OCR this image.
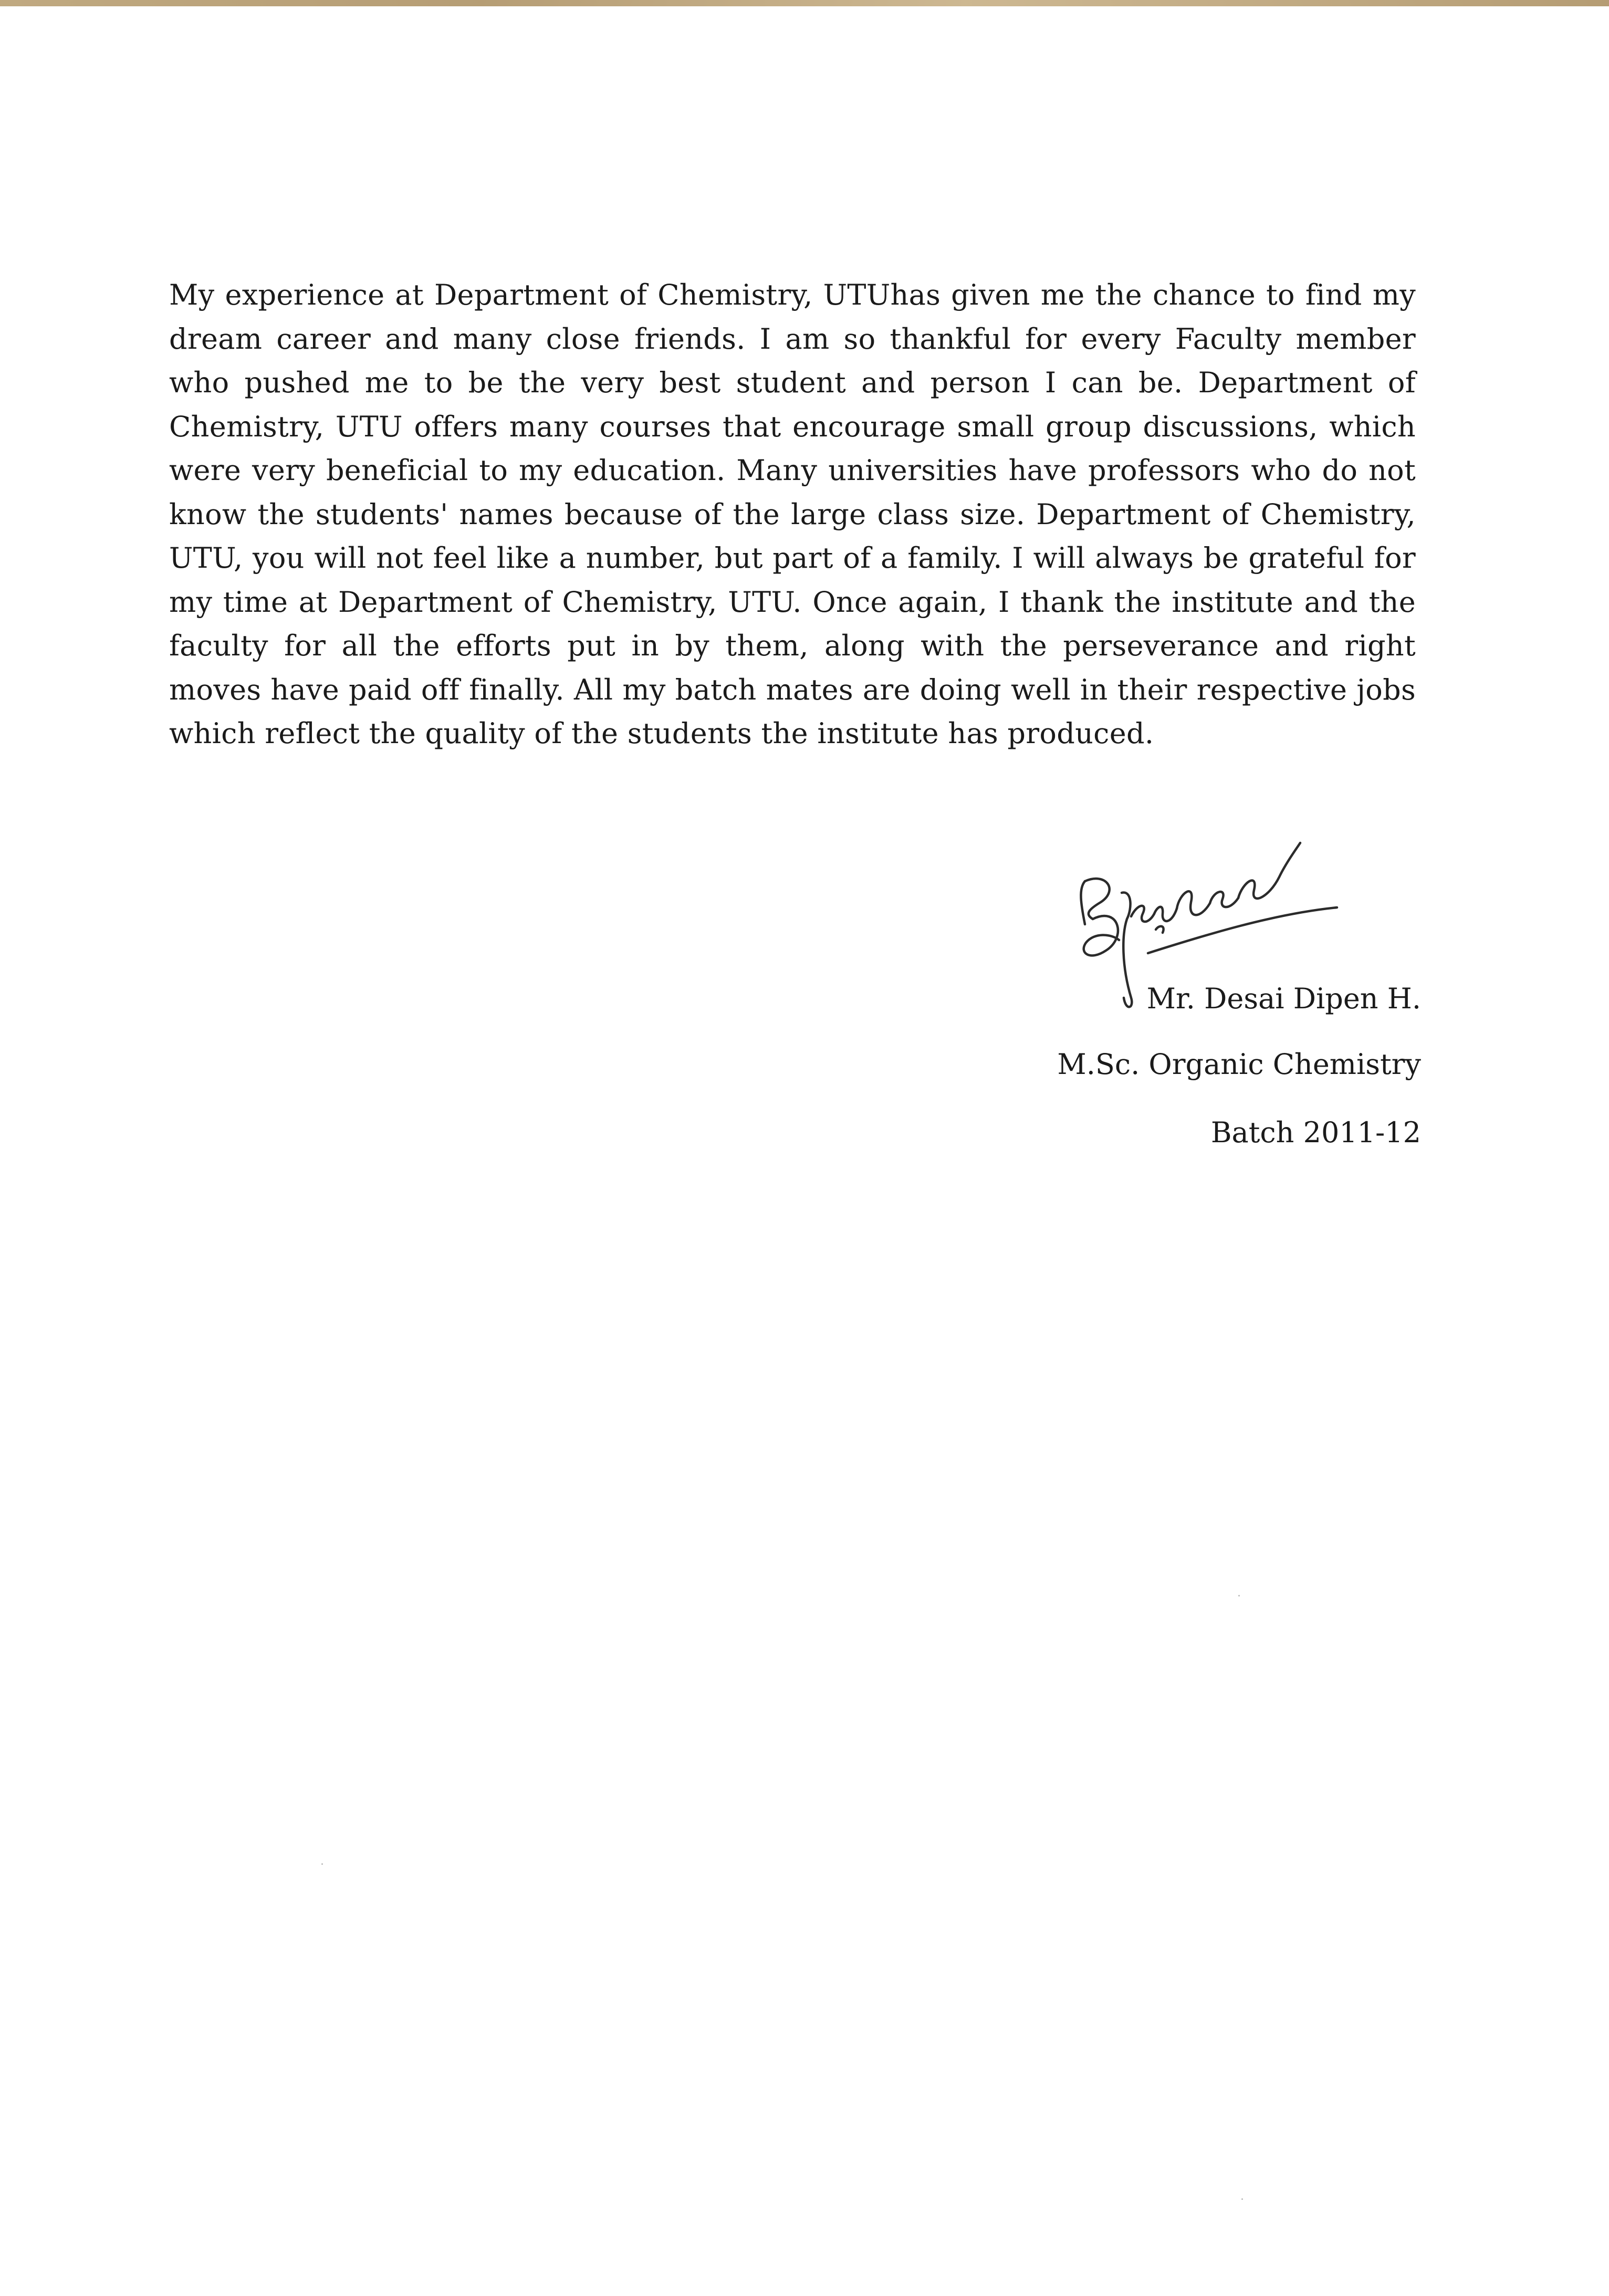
My experience at Department of Chemistry, UTUhas given me the chance to find my dream career and many close friends. I am so thankful for every Faculty member who pushed me to be the very best student and person I can be. Department of Chemistry, UTU offers many courses that encourage small group discussions, which were very beneficial to my education. Many universities have professors who do not know the students' names because of the large class size. Department of Chemistry, UTU, you will not feel like a number, but part of a family. I will always be grateful for my time at Department of Chemistry, UTU. Once again, I thank the institute and the faculty for all the efforts put in by them, along with the perseverance and right moves have paid off finally. All my batch mates are doing well in their respective jobs which reflect the quality of the students the institute has produced.

Mr. Desai Dipen H.
M.Sc. Organic Chemistry
Batch 2011-12
